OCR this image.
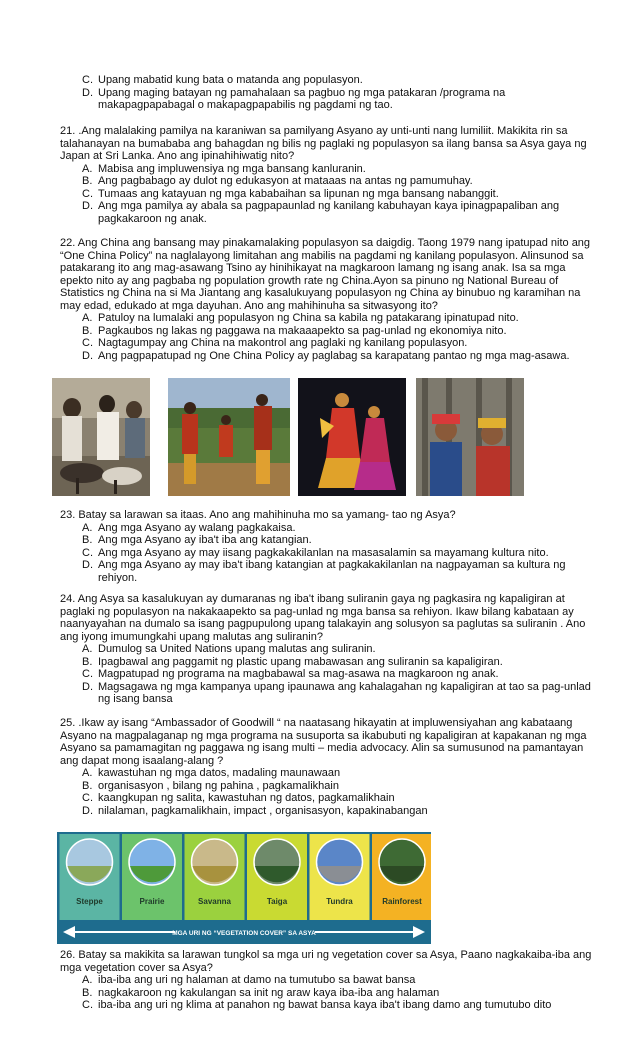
C. Upang mabatid kung bata o matanda ang populasyon.
D. Upang maging batayan ng pamahalaan sa pagbuo ng mga patakaran /programa na makapagpapabagal o makapagpapabilis ng pagdami ng tao.

21. .Ang malalaking pamilya na karaniwan sa pamilyang Asyano ay unti-unti nang lumiliit. Makikita rin sa talahanayan na bumababa ang bahagdan ng bilis ng paglaki ng populasyon sa ilang bansa sa Asya gaya ng Japan at Sri Lanka. Ano ang ipinahihiwatig nito?

A. Mabisa ang impluwensiya ng mga bansang kanluranin.
B. Ang pagbabago ay dulot ng edukasyon at mataaas na antas ng pamumuhay.
C. Tumaas ang katayuan ng mga kababaihan sa lipunan ng mga bansang nabanggit.
D. Ang mga pamilya ay abala sa pagpapaunlad ng kanilang kabuhayan kaya ipinagpapaliban ang pagkakaroon ng anak.

22. Ang China ang bansang may pinakamalaking populasyon sa daigdig. Taong 1979 nang ipatupad nito ang “One China Policy” na naglalayong limitahan ang mabilis na pagdami ng kanilang populasyon. Alinsunod sa patakarang ito ang mag-asawang Tsino ay hinihikayat na magkaroon lamang ng isang anak. Isa sa mga epekto nito ay ang pagbaba ng population growth rate ng China.Ayon sa pinuno ng National Bureau of Statistics ng China na si Ma Jiantang ang kasalukuyang populasyon ng China ay binubuo ng karamihan na may edad, edukado at mga dayuhan. Ano ang mahihinuha sa sitwasyong ito?

A. Patuloy na lumalaki ang populasyon ng China sa kabila ng patakarang ipinatupad nito.
B. Pagkaubos ng lakas ng paggawa na makaaapekto sa pag-unlad ng ekonomiya nito.
C. Nagtagumpay ang China na makontrol ang paglaki ng kanilang populasyon.
D. Ang pagpapatupad ng One China Policy ay paglabag sa karapatang pantao ng mga mag-asawa.

23. Batay sa larawan sa itaas. Ano ang mahihinuha mo sa yamang- tao ng Asya?

A. Ang mga Asyano ay walang pagkakaisa.
B. Ang mga Asyano ay iba't iba ang katangian.
C. Ang mga Asyano ay may iisang pagkakakilanlan na masasalamin sa mayamang kultura nito.
D. Ang mga Asyano ay may iba't ibang katangian at pagkakakilanlan na nagpayaman sa kultura ng rehiyon.

24. Ang Asya sa kasalukuyan ay dumaranas ng iba't ibang suliranin gaya ng pagkasira ng kapaligiran at paglaki ng populasyon na nakakaapekto sa pag-unlad ng mga bansa sa rehiyon. Ikaw bilang kabataan ay naanyayahan na dumalo sa isang pagpupulong upang talakayin ang solusyon sa paglutas sa suliranin . Ano ang iyong imumungkahi upang malutas ang suliranin?

A. Dumulog sa United Nations upang malutas ang suliranin.
B. Ipagbawal ang paggamit ng plastic upang mabawasan ang suliranin sa kapaligiran.
C. Magpatupad ng programa na magbabawal sa mag-asawa na magkaroon ng anak.
D. Magsagawa ng mga kampanya upang ipaunawa ang kahalagahan ng kapaligiran at tao sa pag-unlad ng isang bansa

25. .Ikaw ay isang “Ambassador of Goodwill “ na naatasang hikayatin at impluwensiyahan ang kabataang Asyano na magpalaganap ng mga programa na susuporta sa ikabubuti ng kapaligiran at kapakanan ng mga Asyano sa pamamagitan ng paggawa ng isang multi – media advocacy. Alin sa sumusunod na pamantayan ang dapat mong isaalang-alang ?

A. kawastuhan ng mga datos, madaling maunawaan
B. organisasyon , bilang ng pahina , pagkamalikhain
C. kaangkupan ng salita, kawastuhan ng datos, pagkamalikhain
D. nilalaman, pagkamalikhain, impact , organisasyon, kapakinabangan
Steppe	Prairie	Savanna	Taiga	Tundra	Rainforest
MGA URI NG “VEGETATION COVER” SA ASYA

26. Batay sa makikita sa larawan tungkol sa mga uri ng vegetation cover sa Asya, Paano nagkakaiba-iba ang mga vegetation cover sa Asya?

A. iba-iba ang uri ng halaman at damo na tumutubo sa bawat bansa
B. nagkakaroon ng kakulangan sa init ng araw kaya iba-iba ang halaman
C. iba-iba ang uri ng klima at panahon ng bawat bansa kaya iba't ibang damo ang tumutubo dito
